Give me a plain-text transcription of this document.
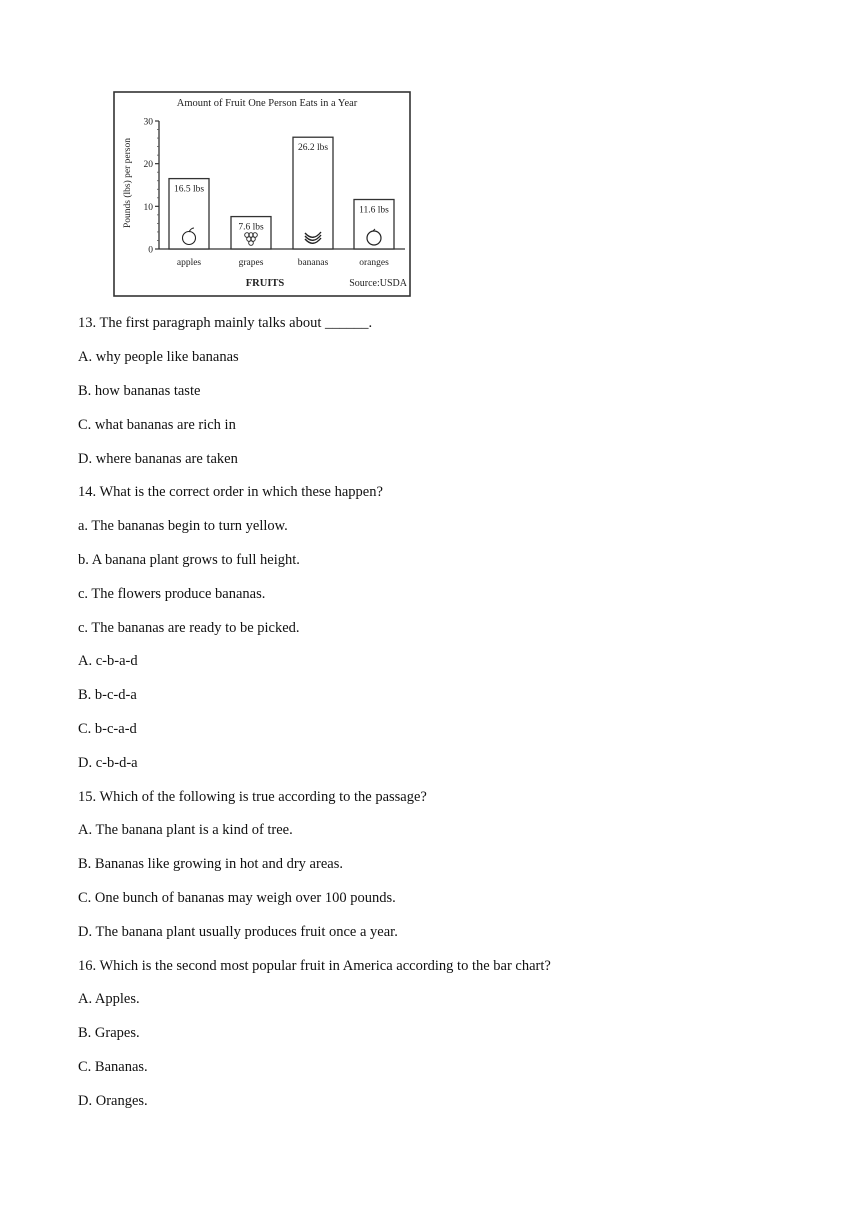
Amount of Fruit One Person Eats in a Year
Pounds (lbs) per person
0
10
20
30
16.5 lbs
apples
7.6 lbs
grapes
26.2 lbs
bananas
11.6 lbs
oranges
FRUITS	Source:USDA
13. The first paragraph mainly talks about ______.
A. why people like bananas
B. how bananas taste
C. what bananas are rich in
D. where bananas are taken
14. What is the correct order in which these happen?
a. The bananas begin to turn yellow.
b. A banana plant grows to full height.
c. The flowers produce bananas.
c. The bananas are ready to be picked.
A. c-b-a-d
B. b-c-d-a
C. b-c-a-d
D. c-b-d-a
15. Which of the following is true according to the passage?
A. The banana plant is a kind of tree.
B. Bananas like growing in hot and dry areas.
C. One bunch of bananas may weigh over 100 pounds.
D. The banana plant usually produces fruit once a year.
16. Which is the second most popular fruit in America according to the bar chart?
A. Apples.
B. Grapes.
C. Bananas.
D. Oranges.
